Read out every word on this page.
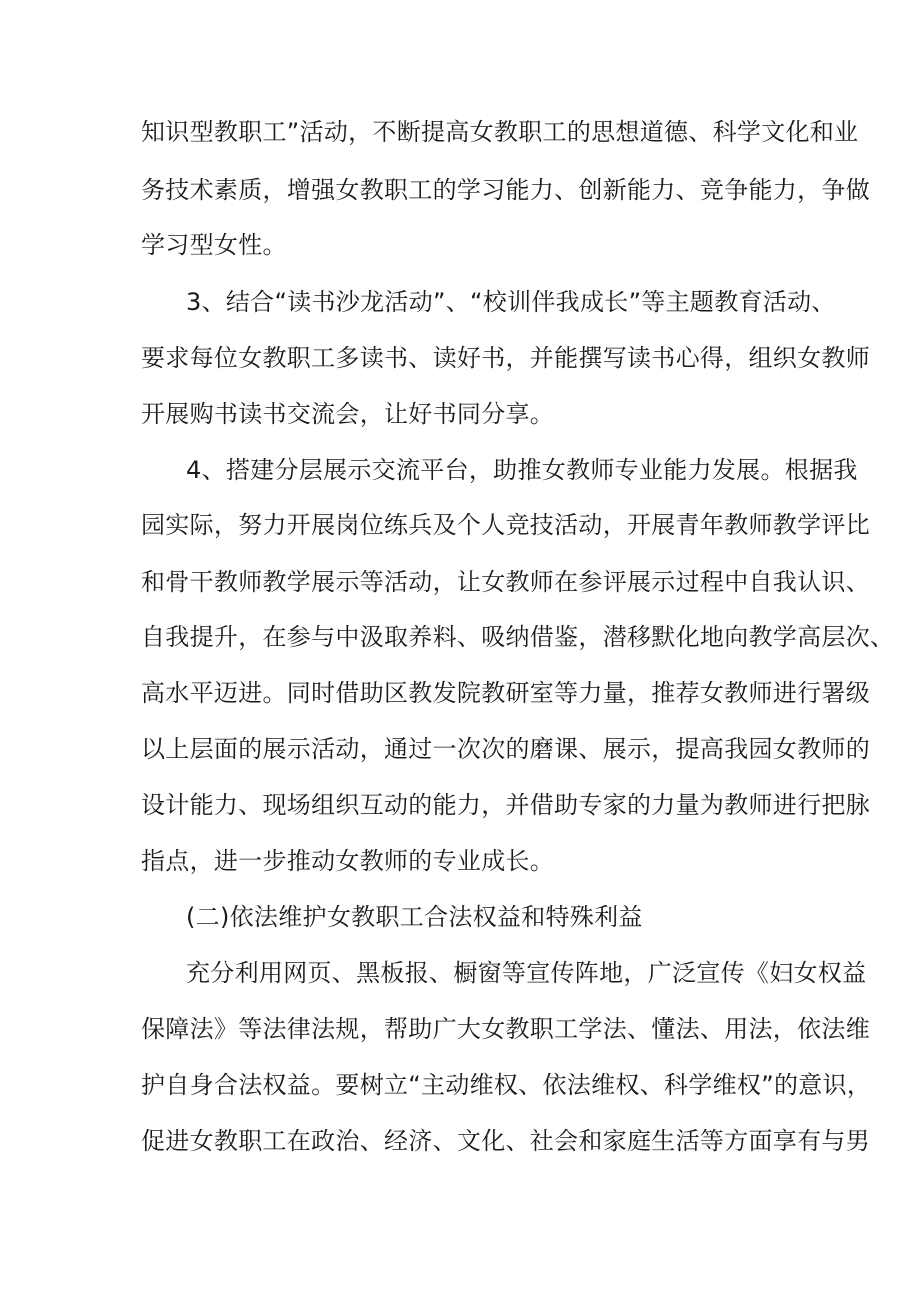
知识型教职工”活动，不断提高女教职工的思想道德、科学文化和业
务技术素质，增强女教职工的学习能力、创新能力、竞争能力，争做
学习型女性。
3、结合“读书沙龙活动”、“校训伴我成长”等主题教育活动、
要求每位女教职工多读书、读好书，并能撰写读书心得，组织女教师
开展购书读书交流会，让好书同分享。
4、搭建分层展示交流平台，助推女教师专业能力发展。根据我
园实际，努力开展岗位练兵及个人竞技活动，开展青年教师教学评比
和骨干教师教学展示等活动，让女教师在参评展示过程中自我认识、
自我提升，在参与中汲取养料、吸纳借鉴，潜移默化地向教学高层次、
高水平迈进。同时借助区教发院教研室等力量，推荐女教师进行署级
以上层面的展示活动，通过一次次的磨课、展示，提高我园女教师的
设计能力、现场组织互动的能力，并借助专家的力量为教师进行把脉
指点，进一步推动女教师的专业成长。
(二)依法维护女教职工合法权益和特殊利益
充分利用网页、黑板报、橱窗等宣传阵地，广泛宣传《妇女权益
保障法》等法律法规，帮助广大女教职工学法、懂法、用法，依法维
护自身合法权益。要树立“主动维权、依法维权、科学维权”的意识，
促进女教职工在政治、经济、文化、社会和家庭生活等方面享有与男
